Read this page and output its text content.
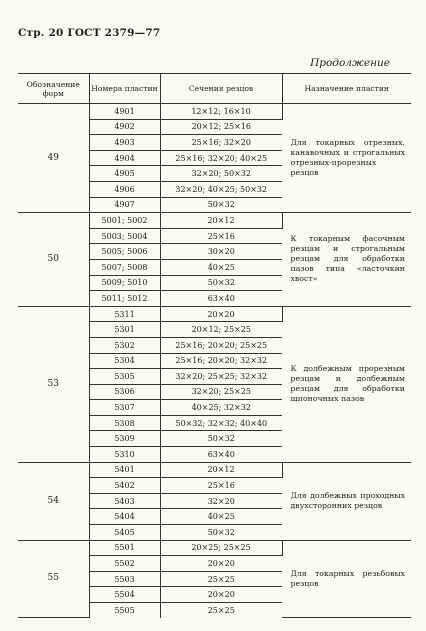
Стр. 20 ГОСТ 2379—77
Продолжение
Обозначение форм	Номера пластин	Сечения резцов	Назначение пластин
49	4901	12×12; 16×10	Для токарных отрезных, канавочных и строгальных отрезных-прорезных резцов
	4902	20×12; 25×16	
	4903	25×16; 32×20	
	4904	25×16; 32×20; 40×25	
	4905	32×20; 50×32	
	4906	32×20; 40×25; 50×32	
	4907	50×32	
50	5001; 5002	20×12	К токарным фасочным резцам и строгальным резцам для обработки пазов типа «ласточкин хвост»
	5003; 5004	25×16	
	5005; 5006	30×20	
	5007; 5008	40×25	
	5009; 5010	50×32	
	5011; 5012	63×40	
53	5311	20×20	К долбежным прорезным резцам и долбежным резцам для обработки шпоночных пазов
	5301	20×12; 25×25	
	5302	25×16; 20×20; 25×25	
	5304	25×16; 20×20; 32×32	
	5305	32×20; 25×25; 32×32	
	5306	32×20; 25×25	
	5307	40×25; 32×32	
	5308	50×32; 32×32; 40×40	
	5309	50×32	
	5310	63×40	
54	5401	20×12	Для долбежных проходных двухсторонних резцов
	5402	25×16	
	5403	32×20	
	5404	40×25	
	5405	50×32	
55	5501	20×25; 25×25	Для токарных резьбовых резцов
	5502	20×20	
	5503	25×25	
	5504	20×20	
	5505	25×25	
